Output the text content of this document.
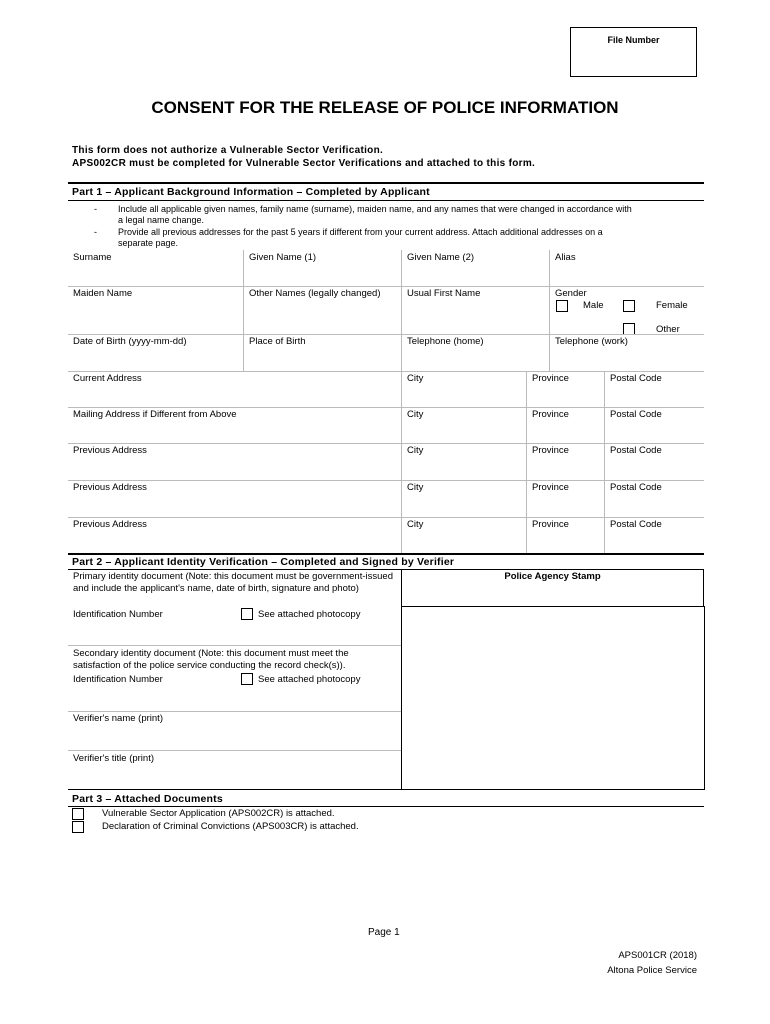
File Number
CONSENT FOR THE RELEASE OF POLICE INFORMATION
This form does not authorize a Vulnerable Sector Verification.
APS002CR must be completed for Vulnerable Sector Verifications and attached to this form.
Part 1 – Applicant Background Information – Completed by Applicant
- Include all applicable given names, family name (surname), maiden name, and any names that were changed in accordance with
a legal name change.
- Provide all previous addresses for the past 5 years if different from your current address. Attach additional addresses on a
separate page.
Surname	Given Name (1)	Given Name (2)	Alias
Maiden Name	Other Names (legally changed)	Usual First Name	Gender
Male	Female
Other
Date of Birth (yyyy-mm-dd)	Place of Birth	Telephone (home)	Telephone (work)
Current Address	City	Province	Postal Code
Mailing Address if Different from Above	City	Province	Postal Code
Previous Address	City	Province	Postal Code
Previous Address	City	Province	Postal Code
Previous Address	City	Province	Postal Code
Part 2 – Applicant Identity Verification – Completed and Signed by Verifier
Primary identity document (Note: this document must be government-issued and include the applicant's name, date of birth, signature and photo)
Identification Number	See attached photocopy
Secondary identity document (Note: this document must meet the satisfaction of the police service conducting the record check(s)).
Identification Number	See attached photocopy
Verifier's name (print)
Verifier's title (print)
Police Agency Stamp
Part 3 – Attached Documents
Vulnerable Sector Application (APS002CR) is attached.
Declaration of Criminal Convictions (APS003CR) is attached.
Page 1
APS001CR (2018)
Altona Police Service
